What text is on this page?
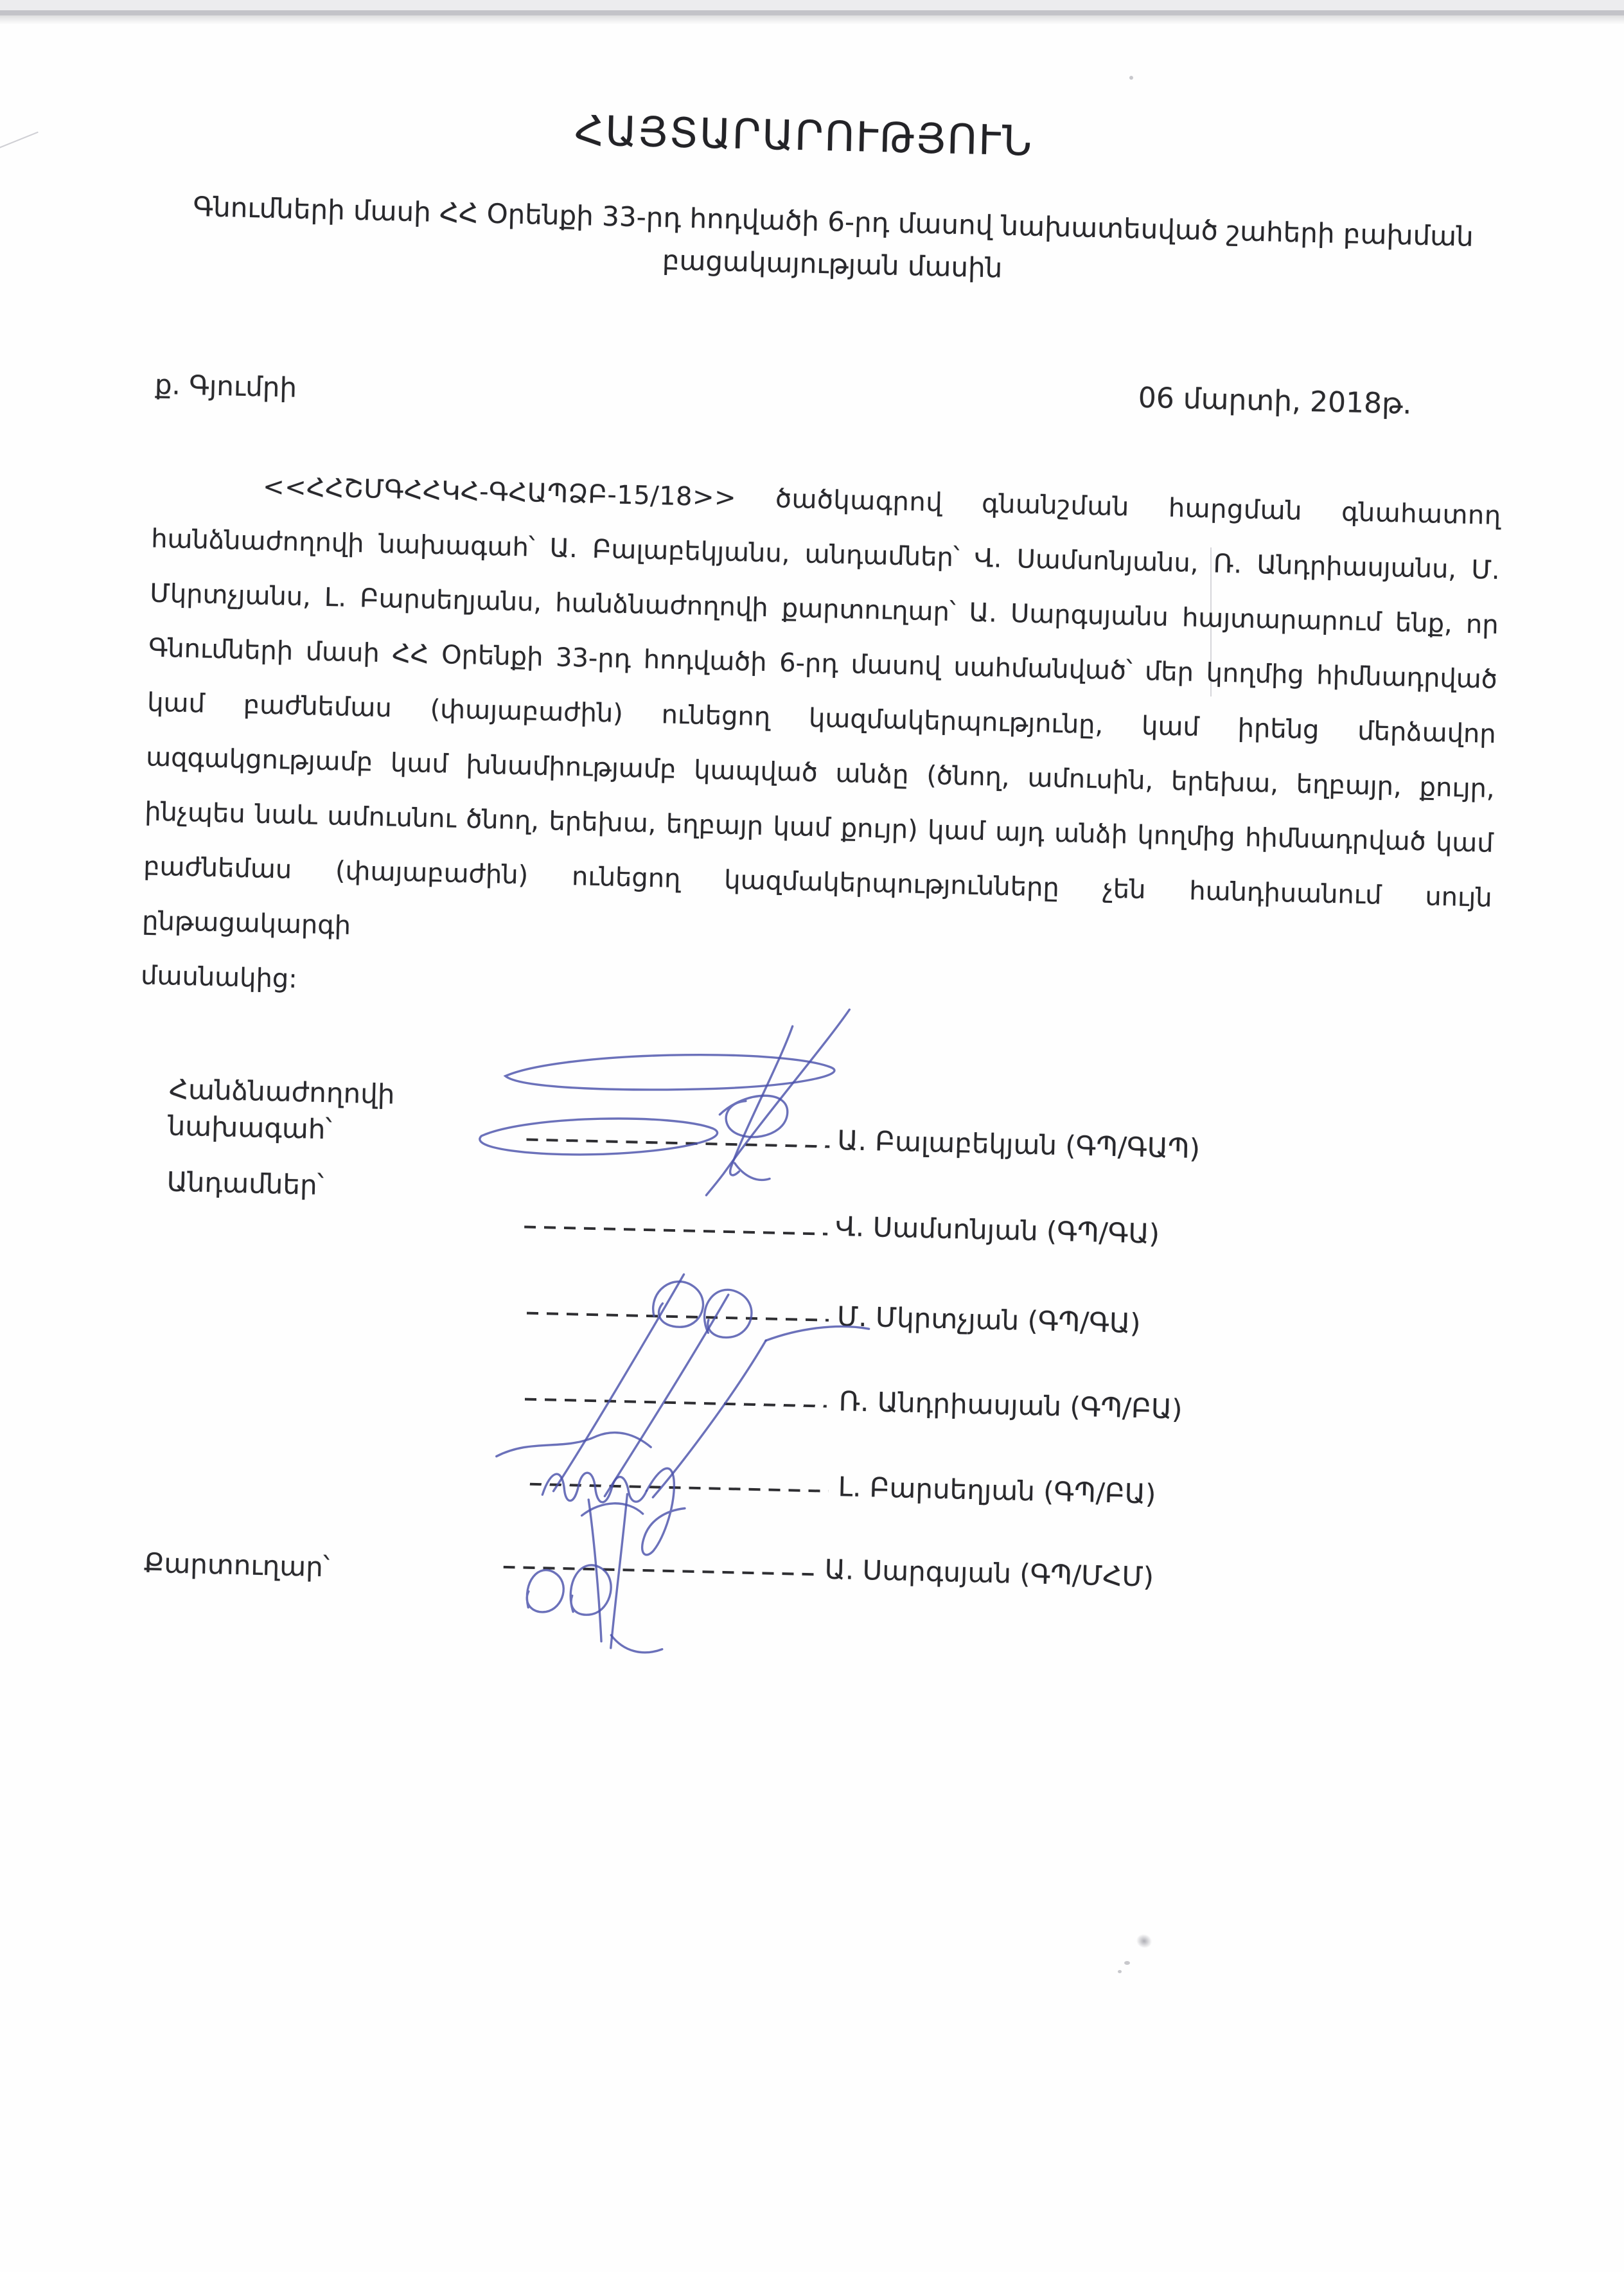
ՀԱՅՏԱՐԱՐՈՒԹՅՈՒՆ
Գնումների մասի ՀՀ Օրենքի 33-րդ հոդվածի 6-րդ մասով նախատեսված շահերի բախման
բացակայության մասին
ք. Գյումրի	06 մարտի, 2018թ.
<<ՀՀՇՄԳՀՀԿՀ-ԳՀԱՊՁԲ-15/18>> ծածկագրով գնանշման հարցման գնահատող
հանձնաժողովի նախագահ՝ Ա. Բալաբեկյանս, անդամներ՝ Վ. Սամսոնյանս, Ռ. Անդրիասյանս, Մ.
Մկրտչյանս, Լ. Բարսեղյանս, հանձնաժողովի քարտուղար՝ Ա. Սարգսյանս հայտարարում ենք, որ
Գնումների մասի ՀՀ Օրենքի 33-րդ հոդվածի 6-րդ մասով սահմանված՝ մեր կողմից հիմնադրված
կամ բաժնեմաս (փայաբաժին) ունեցող կազմակերպությունը, կամ իրենց մերձավոր
ազգակցությամբ կամ խնամիությամբ կապված անձը (ծնող, ամուսին, երեխա, եղբայր, քույր,
ինչպես նաև ամուսնու ծնող, երեխա, եղբայր կամ քույր) կամ այդ անձի կողմից հիմնադրված կամ
բաժնեմաս (փայաբաժին) ունեցող կազմակերպությունները չեն հանդիսանում սույն ընթացակարգի
մասնակից:
Հանձնաժողովի
նախագահ՝
Անդամներ՝
Քարտուղար՝
Ա. Բալաբեկյան (ԳՊ/ԳԱՊ)
Վ. Սամսոնյան (ԳՊ/ԳԱ)
Մ. Մկրտչյան (ԳՊ/ԳԱ)
Ռ. Անդրիասյան (ԳՊ/ԲԱ)
Լ. Բարսեղյան (ԳՊ/ԲԱ)
Ա. Սարգսյան (ԳՊ/ՄՀՄ)
